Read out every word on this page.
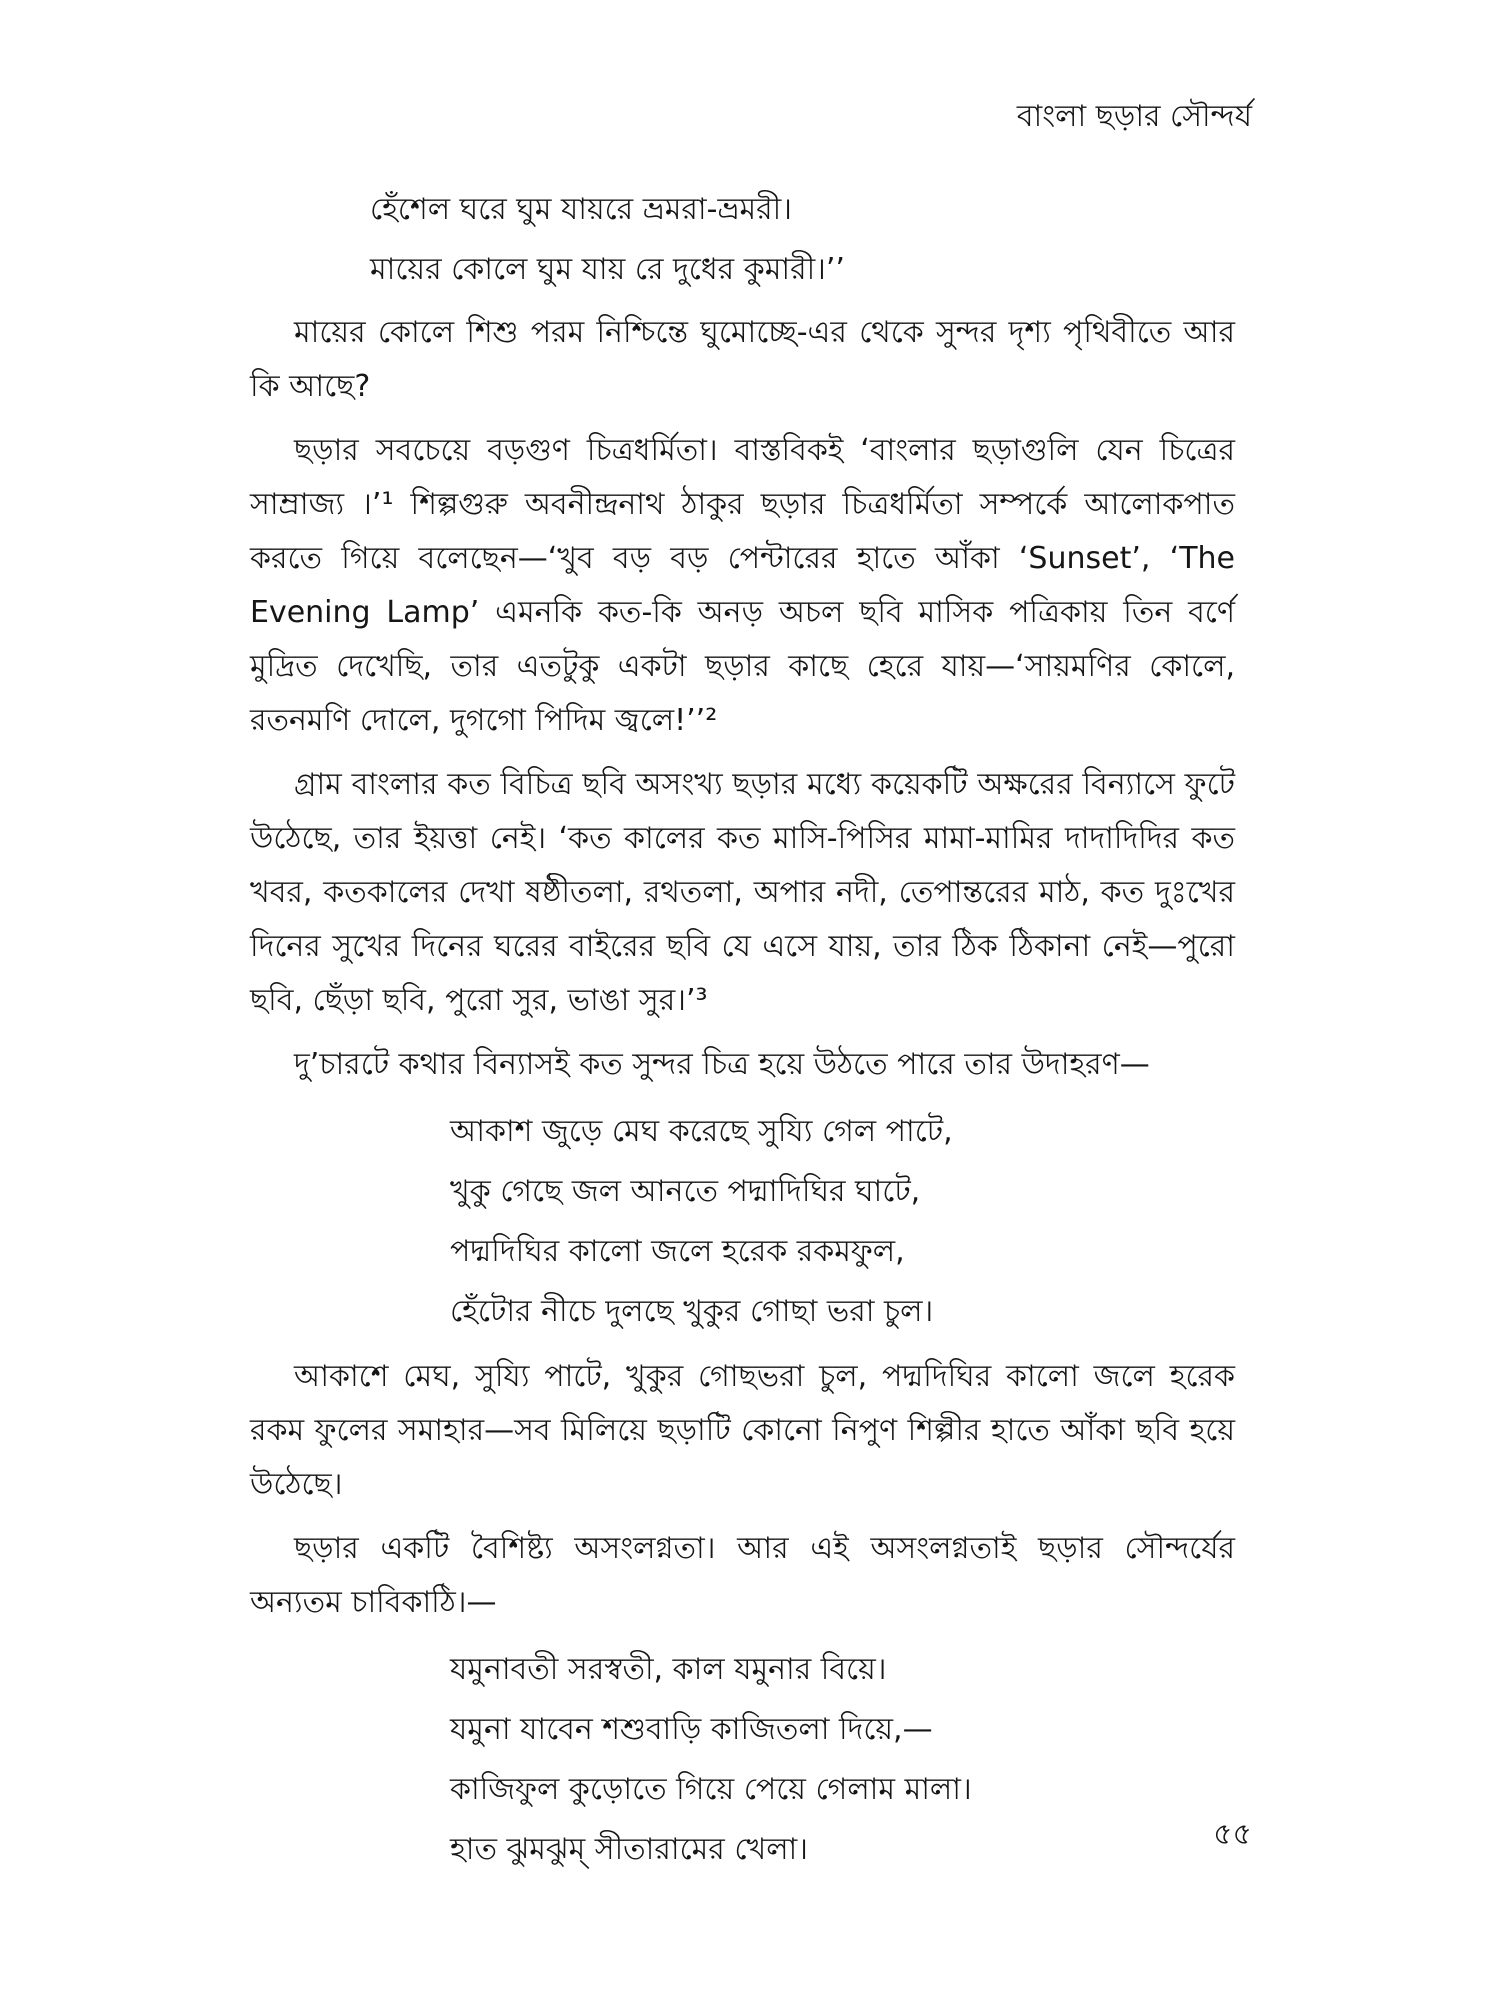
বাংলা ছড়ার সৌন্দর্য
হেঁশেল ঘরে ঘুম যায়রে ভ্রমরা-ভ্রমরী।
মায়ের কোলে ঘুম যায় রে দুধের কুমারী।’’

মায়ের কোলে শিশু পরম নিশ্চিন্তে ঘুমোচ্ছে-এর থেকে সুন্দর দৃশ্য পৃথিবীতে আর কি আছে?

ছড়ার সবচেয়ে বড়গুণ চিত্রধর্মিতা। বাস্তবিকই ‘বাংলার ছড়াগুলি যেন চিত্রের সাম্রাজ্য ।’¹ শিল্পগুরু অবনীন্দ্রনাথ ঠাকুর ছড়ার চিত্রধর্মিতা সম্পর্কে আলোকপাত করতে গিয়ে বলেছেন—‘খুব বড় বড় পেন্টারের হাতে আঁকা ‘Sunset’, ‘The Evening Lamp’ এমনকি কত-কি অনড় অচল ছবি মাসিক পত্রিকায় তিন বর্ণে মুদ্রিত দেখেছি, তার এতটুকু একটা ছড়ার কাছে হেরে যায়—‘সায়মণির কোলে, রতনমণি দোলে, দুগগো পিদিম জ্বলে!’’²

গ্রাম বাংলার কত বিচিত্র ছবি অসংখ্য ছড়ার মধ্যে কয়েকটি অক্ষরের বিন্যাসে ফুটে উঠেছে, তার ইয়ত্তা নেই। ‘কত কালের কত মাসি-পিসির মামা-মামির দাদাদিদির কত খবর, কতকালের দেখা ষষ্ঠীতলা, রথতলা, অপার নদী, তেপান্তরের মাঠ, কত দুঃখের দিনের সুখের দিনের ঘরের বাইরের ছবি যে এসে যায়, তার ঠিক ঠিকানা নেই—পুরো ছবি, ছেঁড়া ছবি, পুরো সুর, ভাঙা সুর।’³

দু’চারটে কথার বিন্যাসই কত সুন্দর চিত্র হয়ে উঠতে পারে তার উদাহরণ—

আকাশ জুড়ে মেঘ করেছে সুয্যি গেল পাটে,
খুকু গেছে জল আনতে পদ্মাদিঘির ঘাটে,
পদ্মদিঘির কালো জলে হরেক রকমফুল,
হেঁটোর নীচে দুলছে খুকুর গোছা ভরা চুল।

আকাশে মেঘ, সুয্যি পাটে, খুকুর গোছভরা চুল, পদ্মদিঘির কালো জলে হরেক রকম ফুলের সমাহার—সব মিলিয়ে ছড়াটি কোনো নিপুণ শিল্পীর হাতে আঁকা ছবি হয়ে উঠেছে।

ছড়ার একটি বৈশিষ্ট্য অসংলগ্নতা। আর এই অসংলগ্নতাই ছড়ার সৌন্দর্যের অন্যতম চাবিকাঠি।—

যমুনাবতী সরস্বতী, কাল যমুনার বিয়ে।
যমুনা যাবেন শশুবাড়ি কাজিতলা দিয়ে,—
কাজিফুল কুড়োতে গিয়ে পেয়ে গেলাম মালা।
হাত ঝুমঝুম্ সীতারামের খেলা।	৫৫
